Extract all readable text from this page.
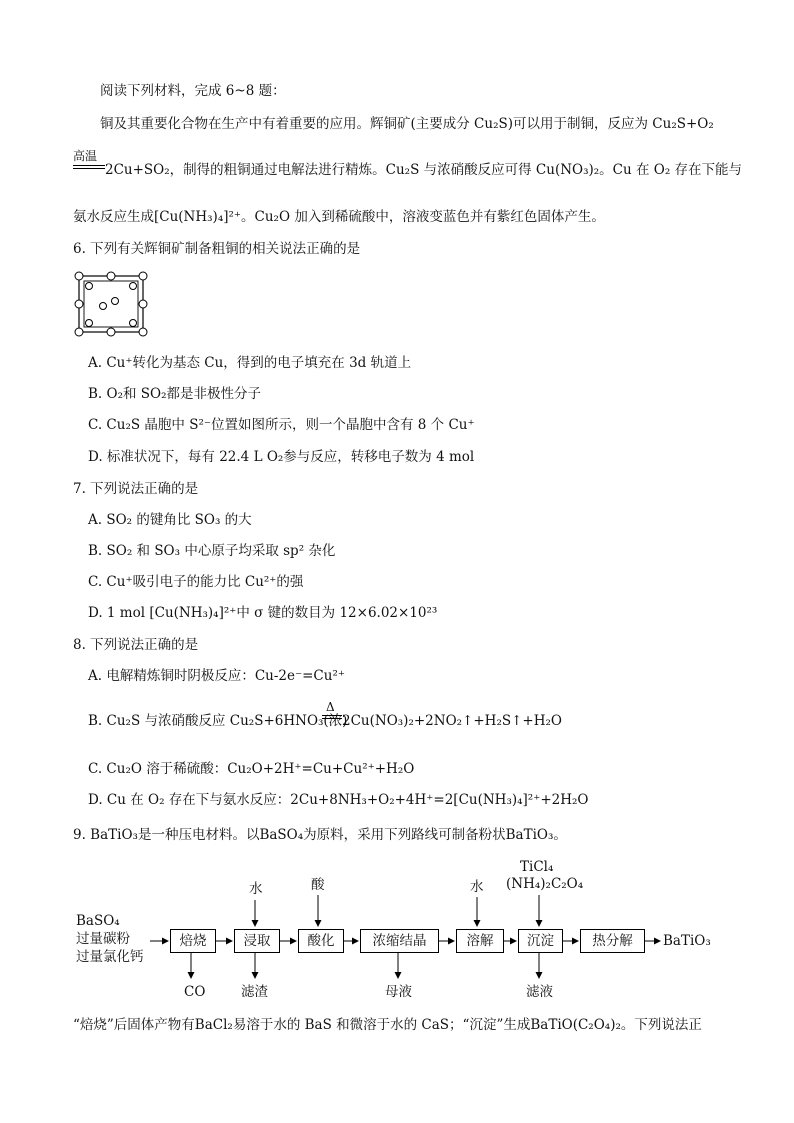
阅读下列材料，完成 6~8 题：
铜及其重要化合物在生产中有着重要的应用。辉铜矿(主要成分 Cu₂S)可以用于制铜，反应为 Cu₂S+O₂
高温
2Cu+SO₂，制得的粗铜通过电解法进行精炼。Cu₂S 与浓硝酸反应可得 Cu(NO₃)₂。Cu 在 O₂ 存在下能与
氨水反应生成[Cu(NH₃)₄]²⁺。Cu₂O 加入到稀硫酸中，溶液变蓝色并有紫红色固体产生。
6. 下列有关辉铜矿制备粗铜的相关说法正确的是
A. Cu⁺转化为基态 Cu，得到的电子填充在 3d 轨道上
B. O₂和 SO₂都是非极性分子
C. Cu₂S 晶胞中 S²⁻位置如图所示，则一个晶胞中含有 8 个 Cu⁺
D. 标准状况下，每有 22.4 L O₂参与反应，转移电子数为 4 mol
7. 下列说法正确的是
A. SO₂ 的键角比 SO₃ 的大
B. SO₂ 和 SO₃ 中心原子均采取 sp² 杂化
C. Cu⁺吸引电子的能力比 Cu²⁺的强
D. 1 mol [Cu(NH₃)₄]²⁺中 σ 键的数目为 12×6.02×10²³
8. 下列说法正确的是
A. 电解精炼铜时阴极反应：Cu-2e⁻=Cu²⁺
B. Cu₂S 与浓硝酸反应 Cu₂S+6HNO₃(浓)
Δ
2Cu(NO₃)₂+2NO₂↑+H₂S↑+H₂O
C. Cu₂O 溶于稀硫酸：Cu₂O+2H⁺=Cu+Cu²⁺+H₂O
D. Cu 在 O₂ 存在下与氨水反应：2Cu+8NH₃+O₂+4H⁺=2[Cu(NH₃)₄]²⁺+2H₂O
9. BaTiO₃是一种压电材料。以BaSO₄为原料，采用下列路线可制备粉状BaTiO₃。
BaSO₄
过量碳粉
过量氯化钙
焙烧	浸取	酸化	浓缩结晶	溶解	沉淀	热分解
水	酸	水
TiCl₄
(NH₄)₂C₂O₄
CO	滤渣	母液	滤液
BaTiO₃
“焙烧”后固体产物有BaCl₂易溶于水的 BaS 和微溶于水的 CaS；“沉淀”生成BaTiO(C₂O₄)₂。下列说法正
